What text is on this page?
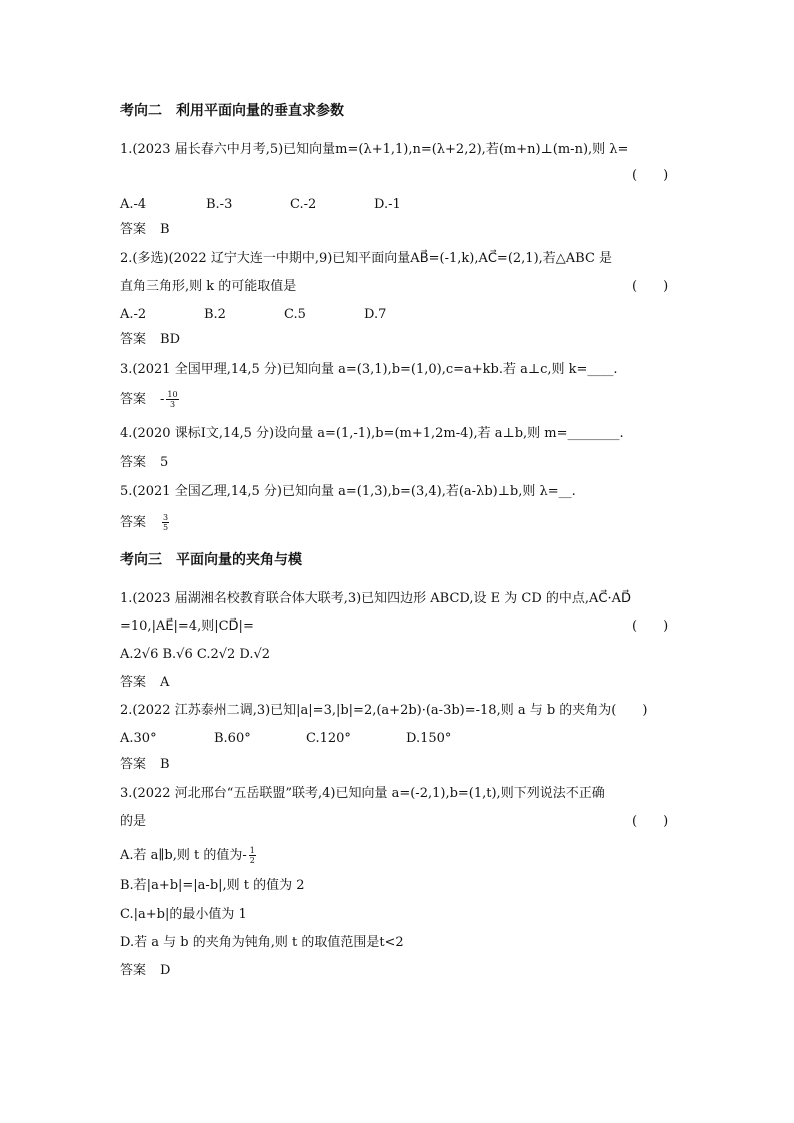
考向二　利用平面向量的垂直求参数
1.(2023 届长春六中月考,5)已知向量m=(λ+1,1),n=(λ+2,2),若(m+n)⊥(m-n),则 λ=
(　　)
A.-4	B.-3	C.-2	D.-1
答案 B
2.(多选)(2022 辽宁大连一中期中,9)已知平面向量AB⃗=(-1,k),AC⃗=(2,1),若△ABC 是
直角三角形,则 k 的可能取值是	(　　)
A.-2	B.2	C.5	D.7
答案 BD
3.(2021 全国甲理,14,5 分)已知向量 a=(3,1),b=(1,0),c=a+kb.若 a⊥c,则 k=____.
答案 - $\frac{10}{3}$
4.(2020 课标Ⅰ文,14,5 分)设向量 a=(1,-1),b=(m+1,2m-4),若 a⊥b,则 m=________.
答案 5
5.(2021 全国乙理,14,5 分)已知向量 a=(1,3),b=(3,4),若(a-λb)⊥b,则 λ=__.
答案 $\frac{3}{5}$
考向三　平面向量的夹角与模
1.(2023 届湖湘名校教育联合体大联考,3)已知四边形 ABCD,设 E 为 CD 的中点,AC⃗·AD⃗
=10,|AE⃗|=4,则|CD⃗|=	(　　)
A.2√6 B.√6 C.2√2 D.√2
答案 A
2.(2022 江苏泰州二调,3)已知|a|=3,|b|=2,(a+2b)·(a-3b)=-18,则 a 与 b 的夹角为(　　)
A.30°	B.60°	C.120°	D.150°
答案 B
3.(2022 河北邢台“五岳联盟”联考,4)已知向量 a=(-2,1),b=(1,t),则下列说法不正确
的是	(　　)
A.若 a∥b,则 t 的值为- $\frac{1}{2}$
B.若|a+b|=|a-b|,则 t 的值为 2
C.|a+b|的最小值为 1
D.若 a 与 b 的夹角为钝角,则 t 的取值范围是t<2
答案 D
